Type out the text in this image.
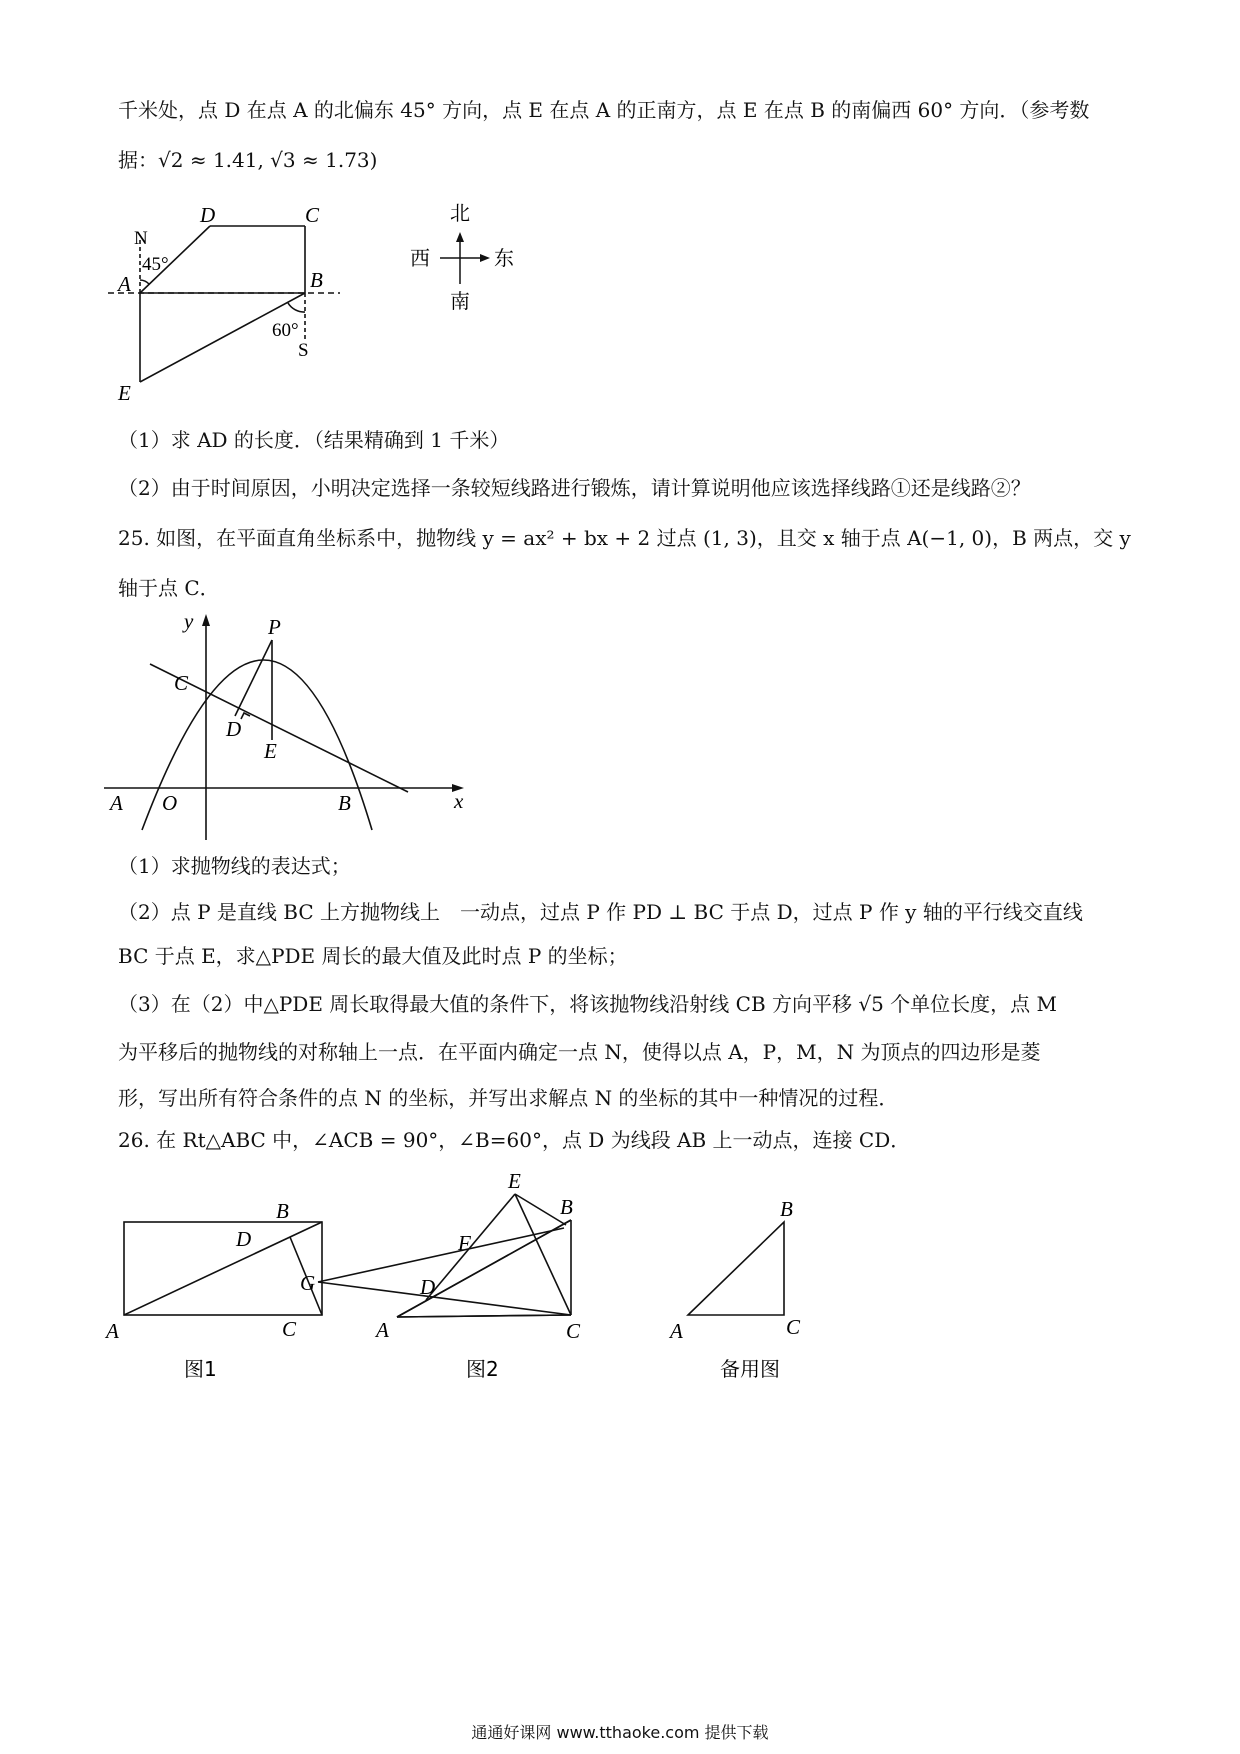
千米处，点 D 在点 A 的北偏东 45° 方向，点 E 在点 A 的正南方，点 E 在点 B 的南偏西 60° 方向．（参考数
据：√2 ≈ 1.41, √3 ≈ 1.73)
D	C
N
45°
A	B
60°
S
E
北
西	东
南
（1）求 AD 的长度．（结果精确到 1 千米）
（2）由于时间原因，小明决定选择一条较短线路进行锻炼，请计算说明他应该选择线路①还是线路②？
25. 如图，在平面直角坐标系中，抛物线 y = ax² + bx + 2 过点 (1, 3)，且交 x 轴于点 A(−1, 0)，B 两点，交 y
轴于点 C．
y
x
P
C
D
E
A O	B
（1）求抛物线的表达式；
（2）点 P 是直线 BC 上方抛物线上　一动点，过点 P 作 PD ⊥ BC 于点 D，过点 P 作 y 轴的平行线交直线
BC 于点 E，求△PDE 周长的最大值及此时点 P 的坐标；
（3）在（2）中△PDE 周长取得最大值的条件下，将该抛物线沿射线 CB 方向平移 √5 个单位长度，点 M
为平移后的抛物线的对称轴上一点．在平面内确定一点 N，使得以点 A，P，M，N 为顶点的四边形是菱
形，写出所有符合条件的点 N 的坐标，并写出求解点 N 的坐标的其中一种情况的过程．
26. 在 Rt△ABC 中，∠ACB = 90°，∠B=60°，点 D 为线段 AB 上一动点，连接 CD．
A
B
C
D
图1
A
B
C
D
E
F
G
图2
A
B
C
备用图
通通好课网 www.tthaoke.com 提供下载
